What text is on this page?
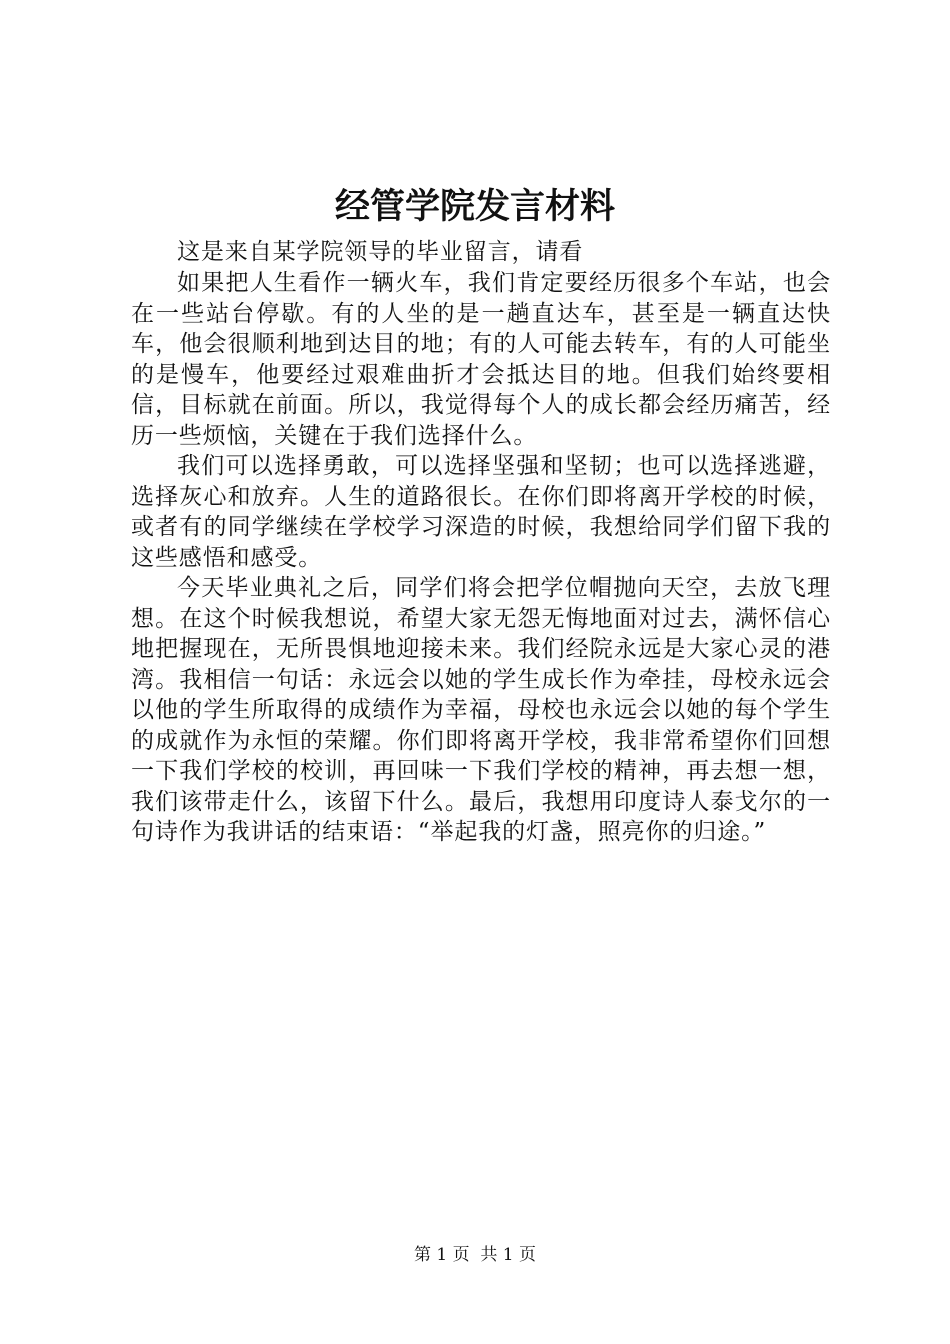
经管学院发言材料

这是来自某学院领导的毕业留言，请看

如果把人生看作一辆火车，我们肯定要经历很多个车站，也会在一些站台停歇。有的人坐的是一趟直达车，甚至是一辆直达快车，他会很顺利地到达目的地；有的人可能去转车，有的人可能坐的是慢车，他要经过艰难曲折才会抵达目的地。但我们始终要相信，目标就在前面。所以，我觉得每个人的成长都会经历痛苦，经历一些烦恼，关键在于我们选择什么。

我们可以选择勇敢，可以选择坚强和坚韧；也可以选择逃避，选择灰心和放弃。人生的道路很长。在你们即将离开学校的时候，或者有的同学继续在学校学习深造的时候，我想给同学们留下我的这些感悟和感受。

今天毕业典礼之后，同学们将会把学位帽抛向天空，去放飞理想。在这个时候我想说，希望大家无怨无悔地面对过去，满怀信心地把握现在，无所畏惧地迎接未来。我们经院永远是大家心灵的港湾。我相信一句话：永远会以她的学生成长作为牵挂，母校永远会以他的学生所取得的成绩作为幸福，母校也永远会以她的每个学生的成就作为永恒的荣耀。你们即将离开学校，我非常希望你们回想一下我们学校的校训，再回味一下我们学校的精神，再去想一想，我们该带走什么，该留下什么。最后，我想用印度诗人泰戈尔的一句诗作为我讲话的结束语：“举起我的灯盏，照亮你的归途。”

第 1 页 共 1 页
